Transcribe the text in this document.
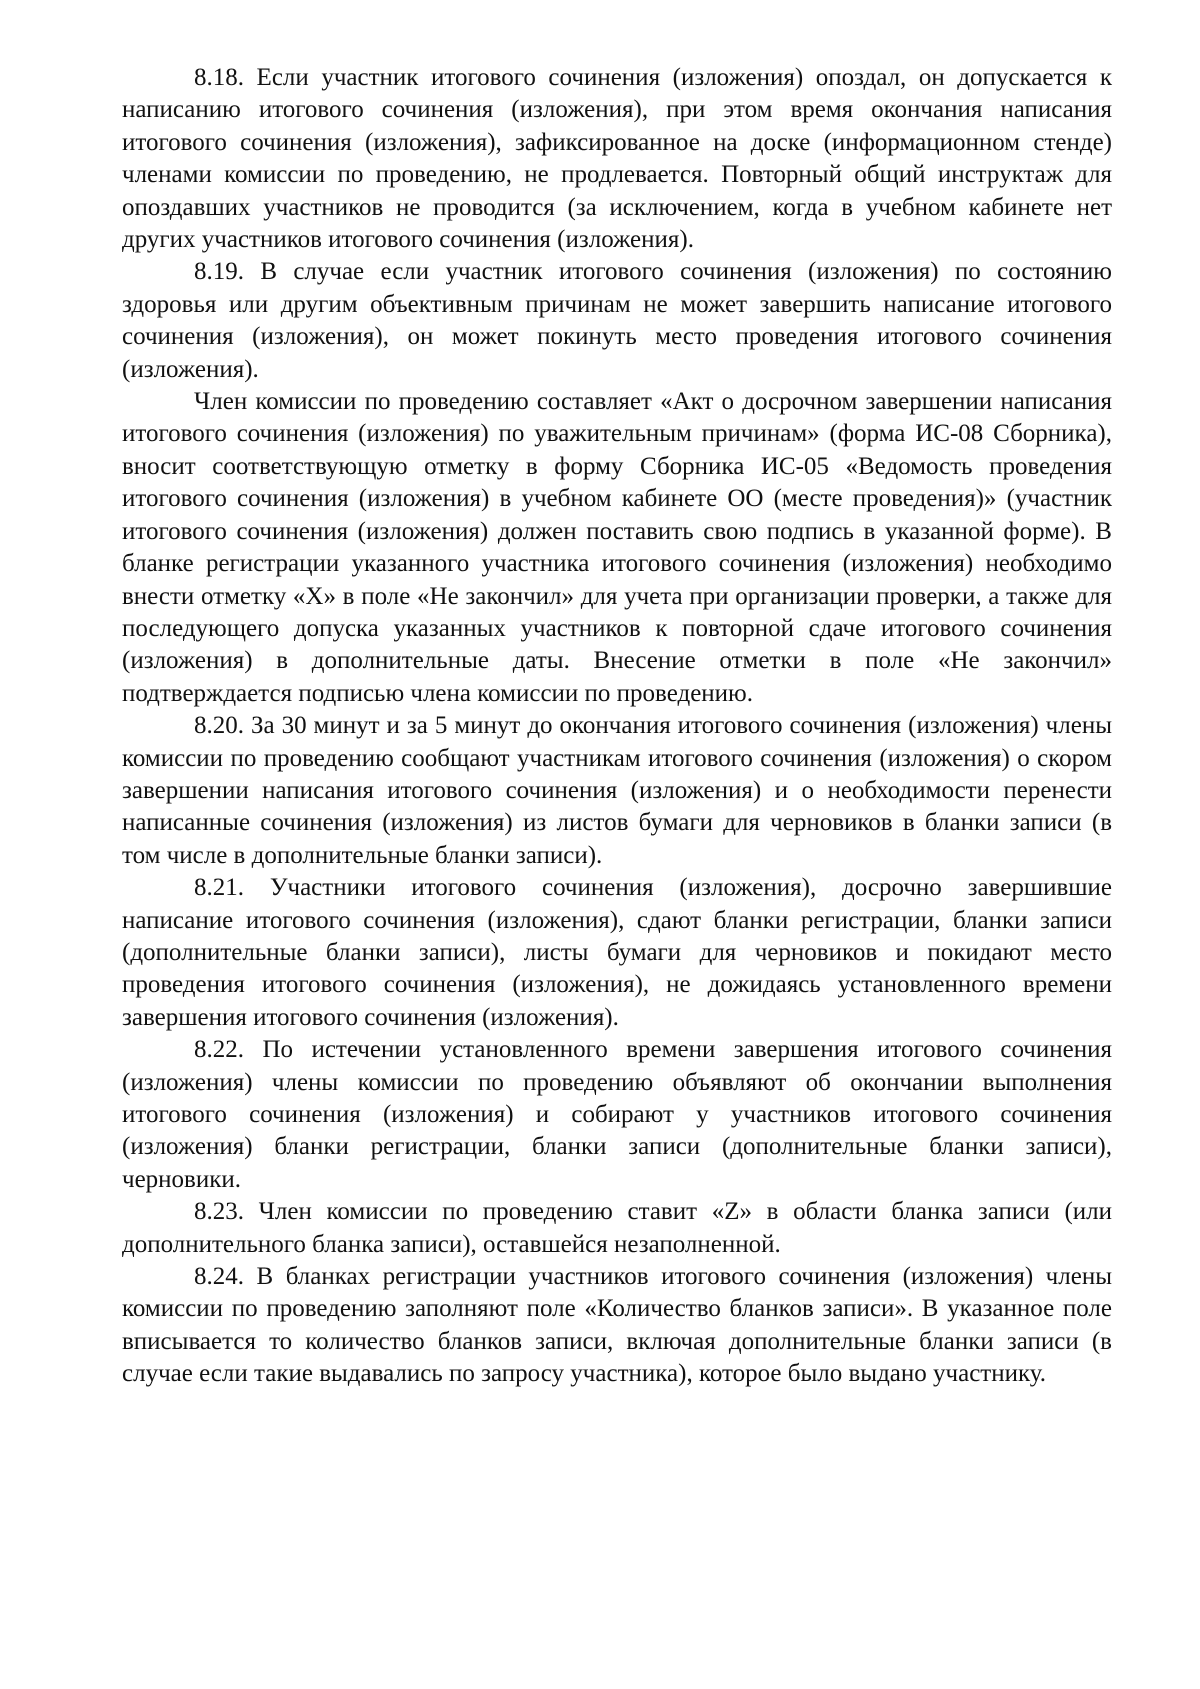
8.18. Если участник итогового сочинения (изложения) опоздал, он допускается к написанию итогового сочинения (изложения), при этом время окончания написания итогового сочинения (изложения), зафиксированное на доске (информационном стенде) членами комиссии по проведению, не продлевается. Повторный общий инструктаж для опоздавших участников не проводится (за исключением, когда в учебном кабинете нет других участников итогового сочинения (изложения).

8.19. В случае если участник итогового сочинения (изложения) по состоянию здоровья или другим объективным причинам не может завершить написание итогового сочинения (изложения), он может покинуть место проведения итогового сочинения (изложения).

Член комиссии по проведению составляет «Акт о досрочном завершении написания итогового сочинения (изложения) по уважительным причинам» (форма ИС-08 Сборника), вносит соответствующую отметку в форму Сборника ИС-05 «Ведомость проведения итогового сочинения (изложения) в учебном кабинете ОО (месте проведения)» (участник итогового сочинения (изложения) должен поставить свою подпись в указанной форме). В бланке регистрации указанного участника итогового сочинения (изложения) необходимо внести отметку «X» в поле «Не закончил» для учета при организации проверки, а также для последующего допуска указанных участников к повторной сдаче итогового сочинения (изложения) в дополнительные даты. Внесение отметки в поле «Не закончил» подтверждается подписью члена комиссии по проведению.

8.20. За 30 минут и за 5 минут до окончания итогового сочинения (изложения) члены комиссии по проведению сообщают участникам итогового сочинения (изложения) о скором завершении написания итогового сочинения (изложения) и о необходимости перенести написанные сочинения (изложения) из листов бумаги для черновиков в бланки записи (в том числе в дополнительные бланки записи).

8.21. Участники итогового сочинения (изложения), досрочно завершившие написание итогового сочинения (изложения), сдают бланки регистрации, бланки записи (дополнительные бланки записи), листы бумаги для черновиков и покидают место проведения итогового сочинения (изложения), не дожидаясь установленного времени завершения итогового сочинения (изложения).

8.22. По истечении установленного времени завершения итогового сочинения (изложения) члены комиссии по проведению объявляют об окончании выполнения итогового сочинения (изложения) и собирают у участников итогового сочинения (изложения) бланки регистрации, бланки записи (дополнительные бланки записи), черновики.

8.23. Член комиссии по проведению ставит «Z» в области бланка записи (или дополнительного бланка записи), оставшейся незаполненной.

8.24. В бланках регистрации участников итогового сочинения (изложения) члены комиссии по проведению заполняют поле «Количество бланков записи». В указанное поле вписывается то количество бланков записи, включая дополнительные бланки записи (в случае если такие выдавались по запросу участника), которое было выдано участнику.
